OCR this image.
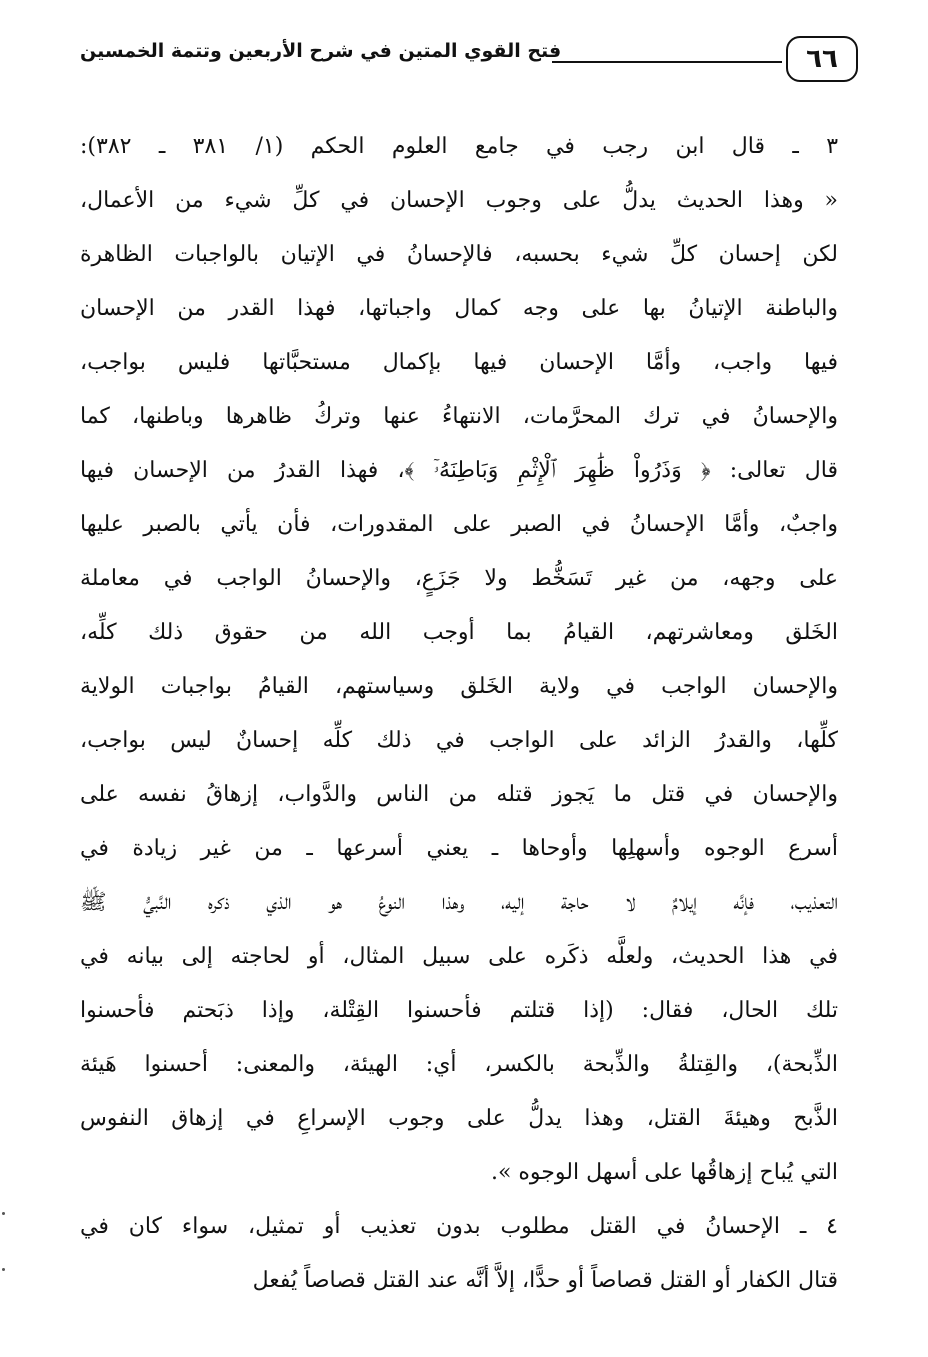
٦٦
فتح القوي المتين في شرح الأربعين وتتمة الخمسين
٣ ـ قال ابن رجب في جامع العلوم الحكم (١/ ٣٨١ ـ ٣٨٢):
« وهذا الحديث يدلُّ على وجوب الإحسان في كلِّ شيء من الأعمال،
لكن إحسان كلِّ شيء بحسبه، فالإحسانُ في الإتيان بالواجبات الظاهرة
والباطنة الإتيانُ بها على وجه كمال واجباتها، فهذا القدر من الإحسان
فيها واجب، وأمَّا الإحسان فيها بإكمال مستحبَّاتها فليس بواجب،
والإحسانُ في ترك المحرَّمات، الانتهاءُ عنها وتركُ ظاهرها وباطنها، كما
قال تعالى: ﴿ وَذَرُواْ ظَٰهِرَ ٱلْإِثْمِ وَبَاطِنَهُۥٓ ﴾، فهذا القدرُ من الإحسان فيها
واجبٌ، وأمَّا الإحسانُ في الصبر على المقدورات، فأن يأتي بالصبر عليها
على وجهه، من غير تَسَخُّط ولا جَزَعٍ، والإحسانُ الواجب في معاملة
الخَلق ومعاشرتهم، القيامُ بما أوجب الله من حقوق ذلك كلِّه،
والإحسان الواجب في ولاية الخَلق وسياستهم، القيامُ بواجبات الولاية
كلِّها، والقدرُ الزائد على الواجب في ذلك كلِّه إحسانٌ ليس بواجب،
والإحسان في قتل ما يَجوز قتله من الناس والدَّواب، إزهاقُ نفسه على
أسرع الوجوه وأسهلِها وأوحاها ـ يعني أسرعها ـ من غير زيادة في
التعذيب، فإنَّه إيلامٌ لا حاجة إليه، وهذا النوعُ هو الذي ذكره النَّبيُّ ﷺ
في هذا الحديث، ولعلَّه ذكَره على سبيل المثال، أو لحاجته إلى بيانه في
تلك الحال، فقال: (إذا قتلتم فأحسنوا القِتْلة، وإذا ذبَحتم فأحسنوا
الذِّبحة)، والقِتلةُ والذِّبحة بالكسر، أي: الهيئة، والمعنى: أحسنوا هَيئة
الذَّبح وهيئةَ القتل، وهذا يدلُّ على وجوب الإسراعِ في إزهاق النفوس
التي يُباح إزهاقُها على أسهل الوجوه ».
٤ ـ الإحسانُ في القتل مطلوب بدون تعذيب أو تمثيل، سواء كان في
قتال الكفار أو القتل قصاصاً أو حدًّا، إلاَّ أنَّه عند القتل قصاصاً يُفعل
